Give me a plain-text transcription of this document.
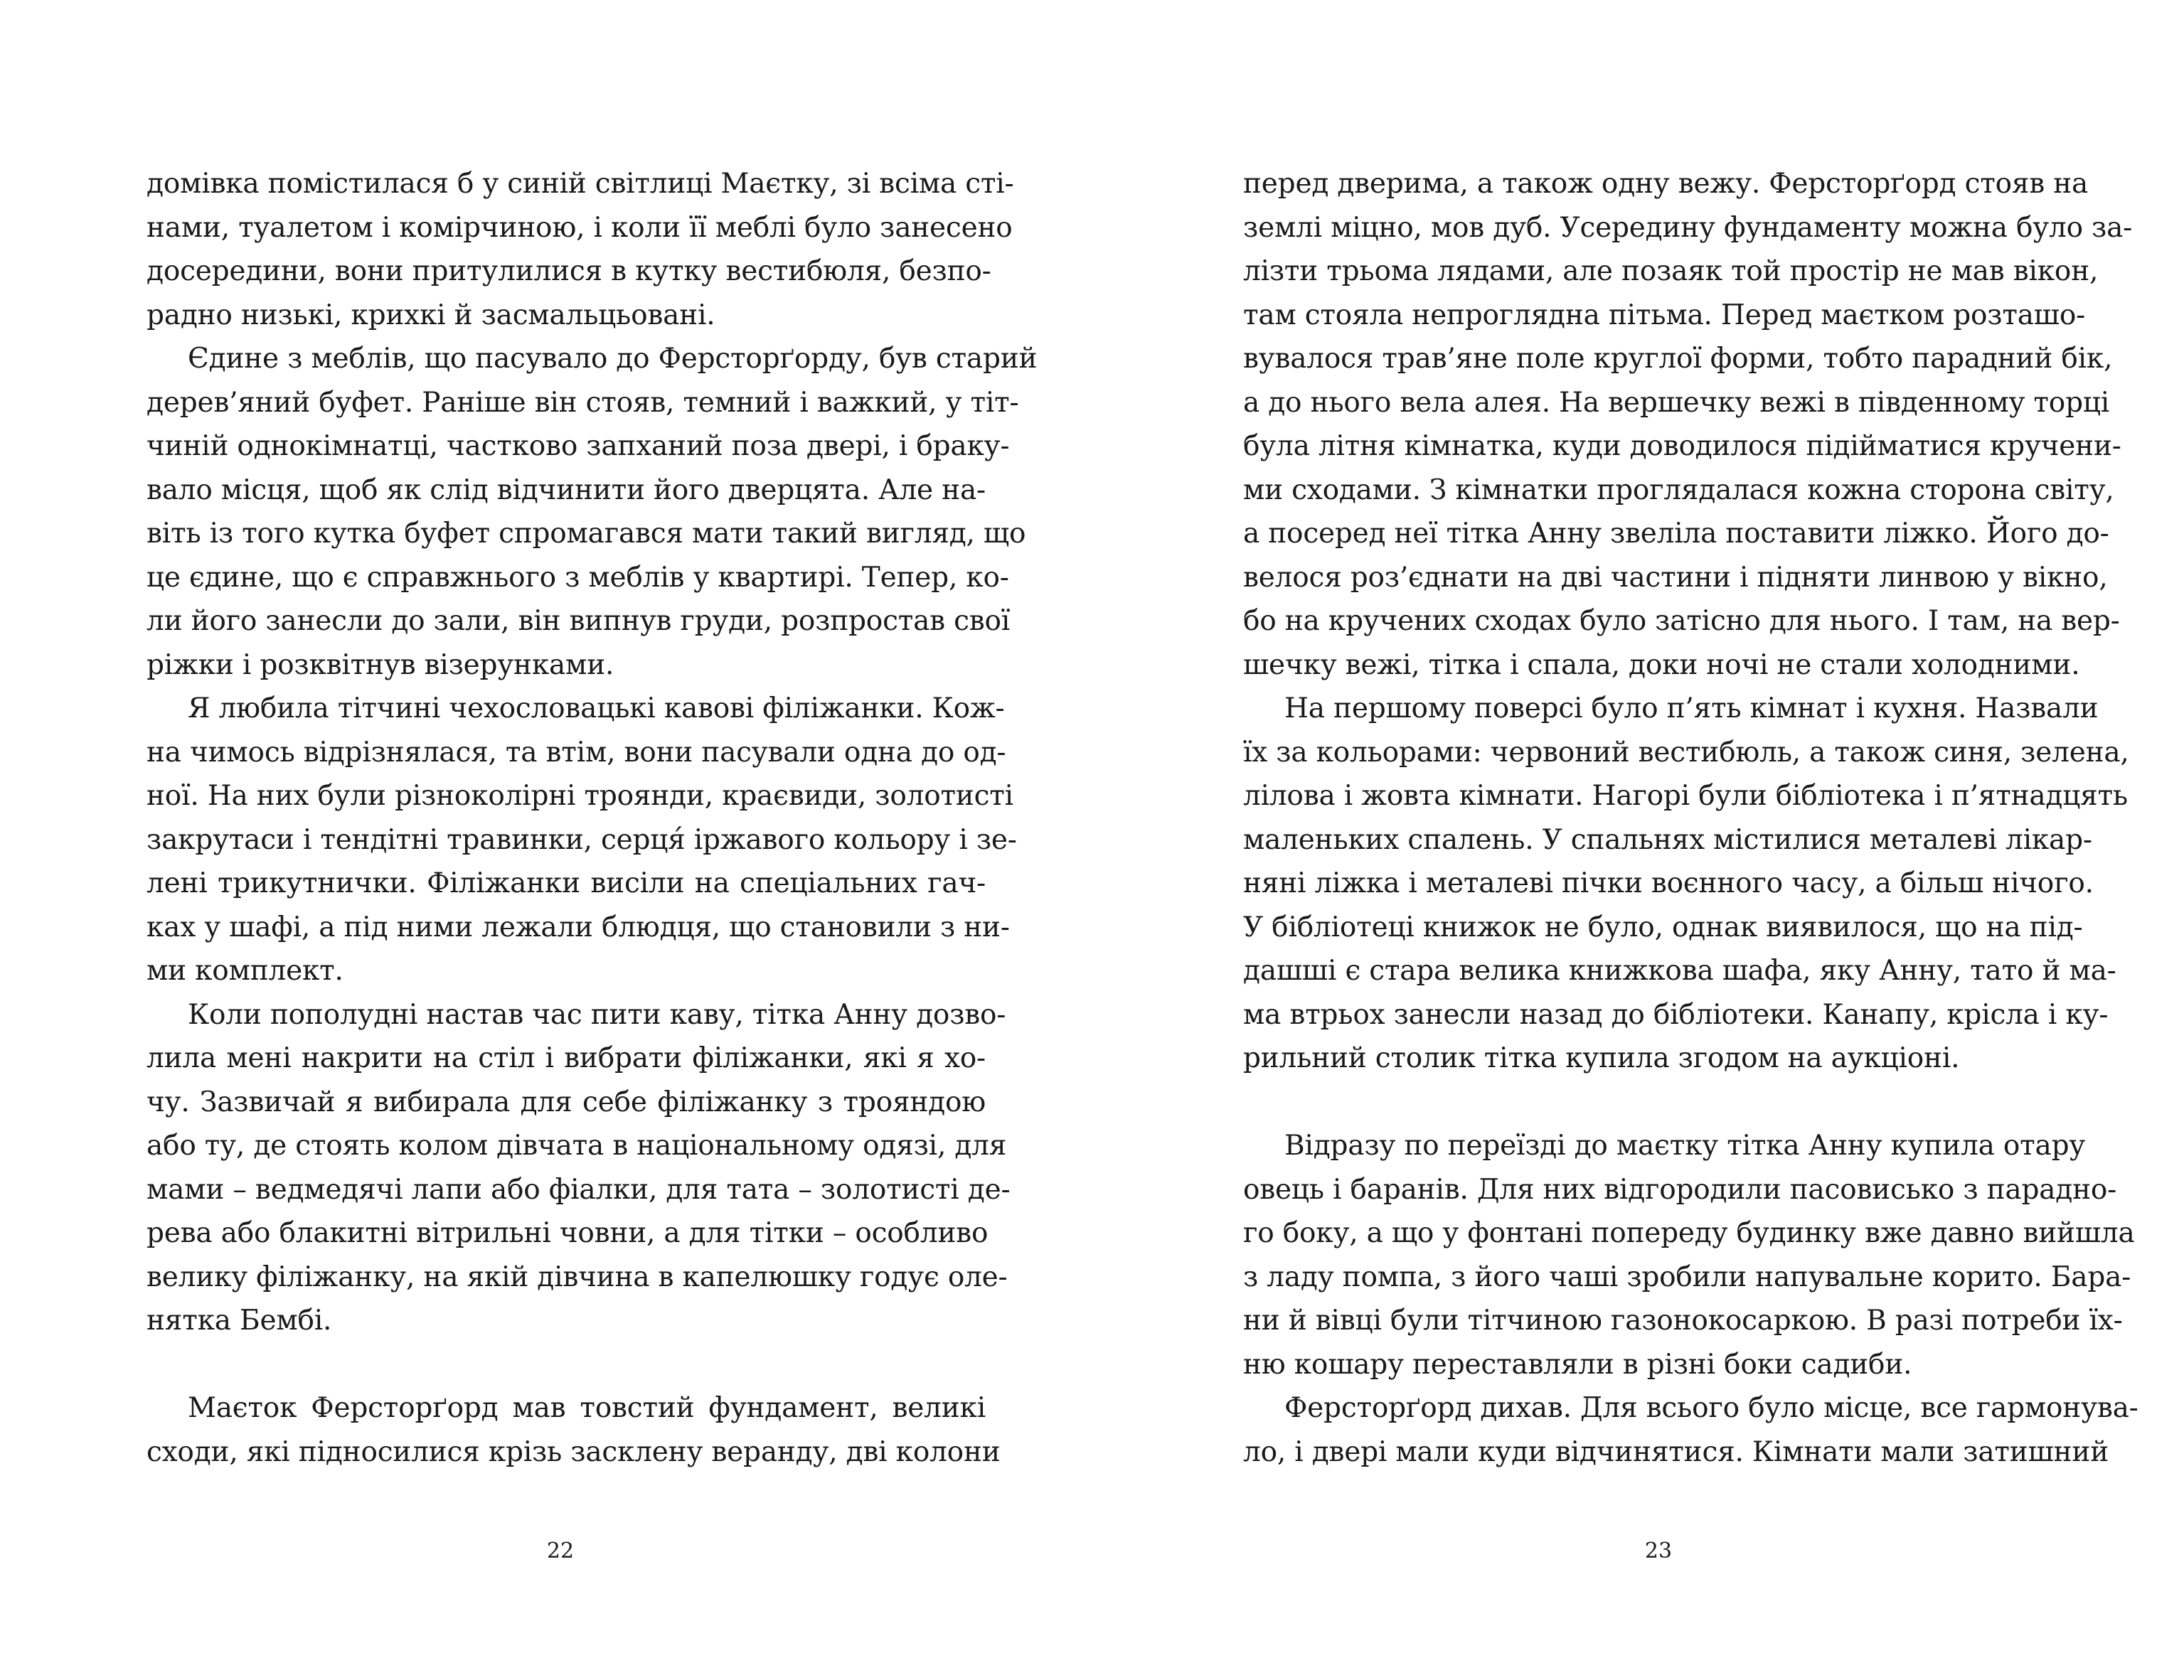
домівка помістилася б у синій світлиці Маєтку, зі всіма сті-
нами, туалетом і комірчиною, і коли її меблі було занесено
досередини, вони притулилися в кутку вестибюля, безпо-
радно низькі, крихкі й засмальцьовані.
Єдине з меблів, що пасувало до Ферсторґорду, був старий
дерев’яний буфет. Раніше він стояв, темний і важкий, у тіт-
чиній однокімнатці, частково запханий поза двері, і браку-
вало місця, щоб як слід відчинити його дверцята. Але на-
віть із того кутка буфет спромагався мати такий вигляд, що
це єдине, що є справжнього з меблів у квартирі. Тепер, ко-
ли його занесли до зали, він випнув груди, розпростав свої
ріжки і розквітнув візерунками.
Я любила тітчині чехословацькі кавові філіжанки. Кож-
на чимось відрізнялася, та втім, вони пасували одна до од-
ної. На них були різноколірні троянди, краєвиди, золотисті
закрутаси і тендітні травинки, серця́ іржавого кольору і зе-
лені трикутнички. Філіжанки висіли на спеціальних гач-
ках у шафі, а під ними лежали блюдця, що становили з ни-
ми комплект.
Коли пополудні настав час пити каву, тітка Анну дозво-
лила мені накрити на стіл і вибрати філіжанки, які я хо-
чу. Зазвичай я вибирала для себе філіжанку з трояндою
або ту, де стоять колом дівчата в національному одязі, для
мами – ведмедячі лапи або фіалки, для тата – золотисті де-
рева або блакитні вітрильні човни, а для тітки – особливо
велику філіжанку, на якій дівчина в капелюшку годує оле-
нятка Бембі.
Маєток Ферсторґорд мав товстий фундамент, великі
сходи, які підносилися крізь засклену веранду, дві колони
22
перед дверима, а також одну вежу. Ферсторґорд стояв на
землі міцно, мов дуб. Усередину фундаменту можна було за-
лізти трьома лядами, але позаяк той простір не мав вікон,
там стояла непроглядна пітьма. Перед маєтком розташо-
вувалося трав’яне поле круглої форми, тобто парадний бік,
а до нього вела алея. На вершечку вежі в південному торці
була літня кімнатка, куди доводилося підійматися кручени-
ми сходами. З кімнатки проглядалася кожна сторона світу,
а посеред неї тітка Анну звеліла поставити ліжко. Його до-
велося роз’єднати на дві частини і підняти линвою у вікно,
бо на кручених сходах було затісно для нього. І там, на вер-
шечку вежі, тітка і спала, доки ночі не стали холодними.
На першому поверсі було п’ять кімнат і кухня. Назвали
їх за кольорами: червоний вестибюль, а також синя, зелена,
лілова і жовта кімнати. Нагорі були бібліотека і п’ятнадцять
маленьких спалень. У спальнях містилися металеві лікар-
няні ліжка і металеві пічки воєнного часу, а більш нічого.
У бібліотеці книжок не було, однак виявилося, що на під-
дашші є стара велика книжкова шафа, яку Анну, тато й ма-
ма втрьох занесли назад до бібліотеки. Канапу, крісла і ку-
рильний столик тітка купила згодом на аукціоні.
Відразу по переїзді до маєтку тітка Анну купила отару
овець і баранів. Для них відгородили пасовисько з парадно-
го боку, а що у фонтані попереду будинку вже давно вийшла
з ладу помпа, з його чаші зробили напувальне корито. Бара-
ни й вівці були тітчиною газонокосаркою. В разі потреби їх-
ню кошару переставляли в різні боки садиби.
Ферсторґорд дихав. Для всього було місце, все гармонува-
ло, і двері мали куди відчинятися. Кімнати мали затишний
23
